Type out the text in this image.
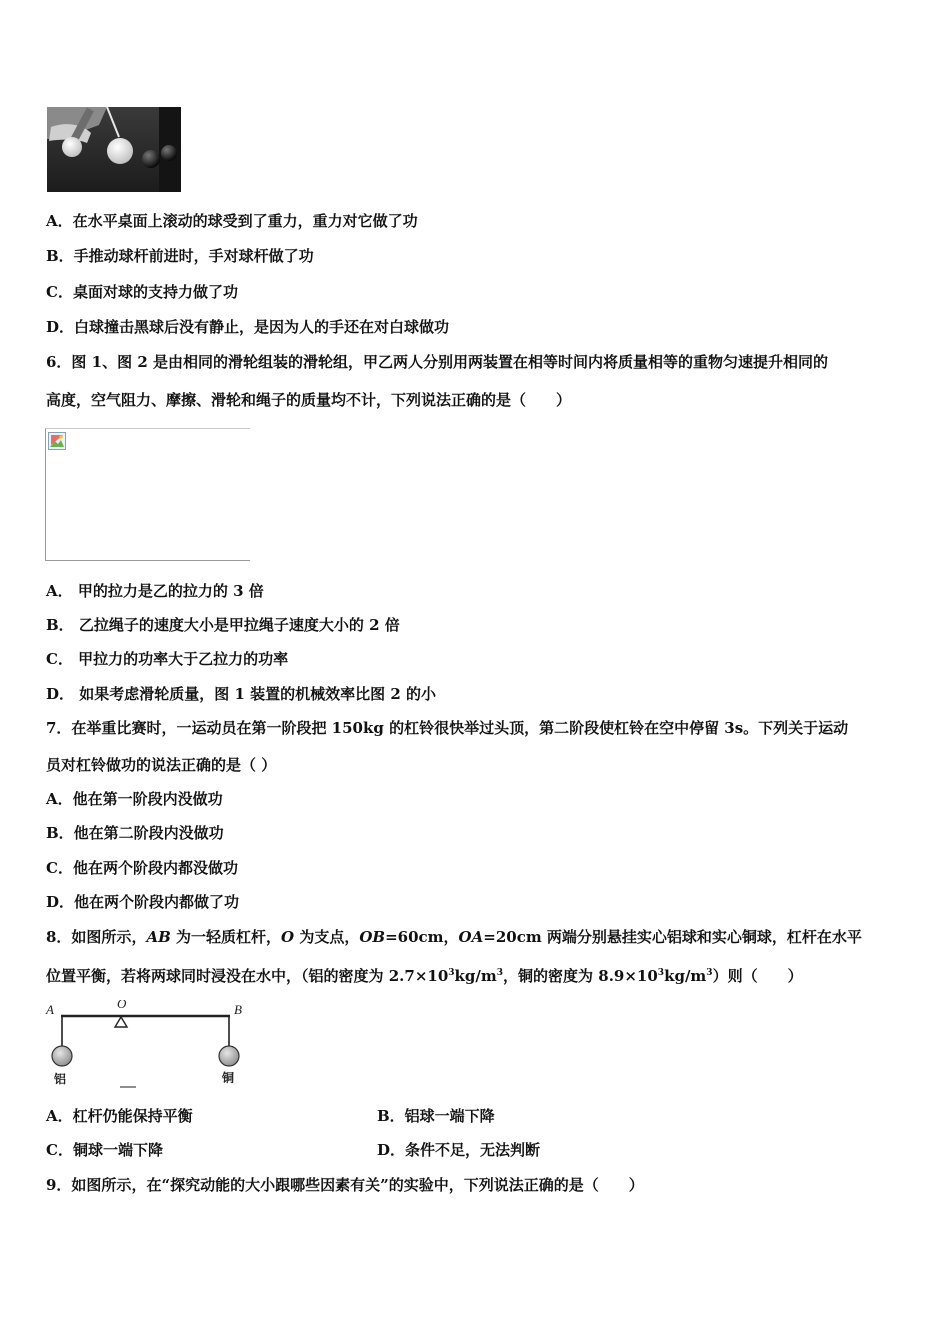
A．在水平桌面上滚动的球受到了重力，重力对它做了功
B．手推动球杆前进时，手对球杆做了功
C．桌面对球的支持力做了功
D．白球撞击黑球后没有静止，是因为人的手还在对白球做功
6．图 1、图 2 是由相同的滑轮组装的滑轮组，甲乙两人分别用两装置在相等时间内将质量相等的重物匀速提升相同的
高度，空气阻力、摩擦、滑轮和绳子的质量均不计，下列说法正确的是（　　）
A． 甲的拉力是乙的拉力的 3 倍
B． 乙拉绳子的速度大小是甲拉绳子速度大小的 2 倍
C． 甲拉力的功率大于乙拉力的功率
D． 如果考虑滑轮质量，图 1 装置的机械效率比图 2 的小
7．在举重比赛时，一运动员在第一阶段把 150kg 的杠铃很快举过头顶，第二阶段使杠铃在空中停留 3s。下列关于运动
员对杠铃做功的说法正确的是（ ）
A．他在第一阶段内没做功
B．他在第二阶段内没做功
C．他在两个阶段内都没做功
D．他在两个阶段内都做了功
8．如图所示，AB 为一轻质杠杆，O 为支点，OB=60cm，OA=20cm 两端分别悬挂实心铝球和实心铜球，杠杆在水平
位置平衡，若将两球同时浸没在水中，（铝的密度为 $2.7\times 10^3kg/m^3$，铜的密度为 $8.9\times 10^3kg/m^3$）则（　　）
A	O	B
铝	铜
A．杠杆仍能保持平衡	B．铝球一端下降
C．铜球一端下降	D．条件不足，无法判断
9．如图所示，在“探究动能的大小跟哪些因素有关”的实验中，下列说法正确的是（　　）
